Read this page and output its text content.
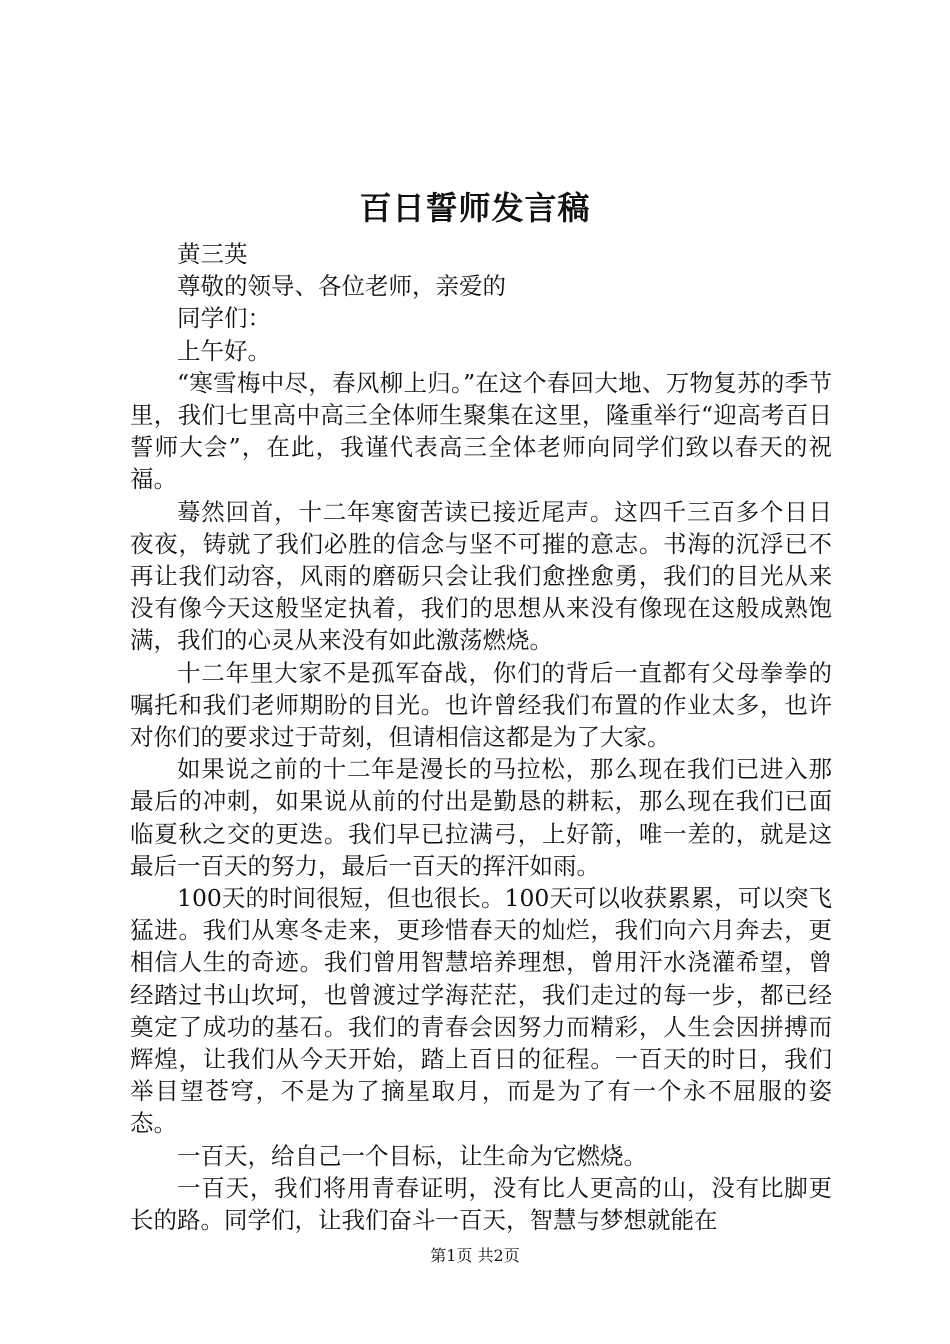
百日誓师发言稿

黄三英

尊敬的领导、各位老师，亲爱的

同学们：

上午好。

“寒雪梅中尽，春风柳上归。”在这个春回大地、万物复苏的季节里，我们七里高中高三全体师生聚集在这里，隆重举行“迎高考百日誓师大会”，在此，我谨代表高三全体老师向同学们致以春天的祝福。

蓦然回首，十二年寒窗苦读已接近尾声。这四千三百多个日日夜夜，铸就了我们必胜的信念与坚不可摧的意志。书海的沉浮已不再让我们动容，风雨的磨砺只会让我们愈挫愈勇，我们的目光从来没有像今天这般坚定执着，我们的思想从来没有像现在这般成熟饱满，我们的心灵从来没有如此激荡燃烧。

十二年里大家不是孤军奋战，你们的背后一直都有父母拳拳的嘱托和我们老师期盼的目光。也许曾经我们布置的作业太多，也许对你们的要求过于苛刻，但请相信这都是为了大家。

如果说之前的十二年是漫长的马拉松，那么现在我们已进入那最后的冲刺，如果说从前的付出是勤恳的耕耘，那么现在我们已面临夏秋之交的更迭。我们早已拉满弓，上好箭，唯一差的，就是这最后一百天的努力，最后一百天的挥汗如雨。

100天的时间很短，但也很长。100天可以收获累累，可以突飞猛进。我们从寒冬走来，更珍惜春天的灿烂，我们向六月奔去，更相信人生的奇迹。我们曾用智慧培养理想，曾用汗水浇灌希望，曾经踏过书山坎坷，也曾渡过学海茫茫，我们走过的每一步，都已经奠定了成功的基石。我们的青春会因努力而精彩，人生会因拼搏而辉煌，让我们从今天开始，踏上百日的征程。一百天的时日，我们举目望苍穹，不是为了摘星取月，而是为了有一个永不屈服的姿态。

一百天，给自己一个目标，让生命为它燃烧。

一百天，我们将用青春证明，没有比人更高的山，没有比脚更长的路。同学们，让我们奋斗一百天，智慧与梦想就能在

第1页 共2页
